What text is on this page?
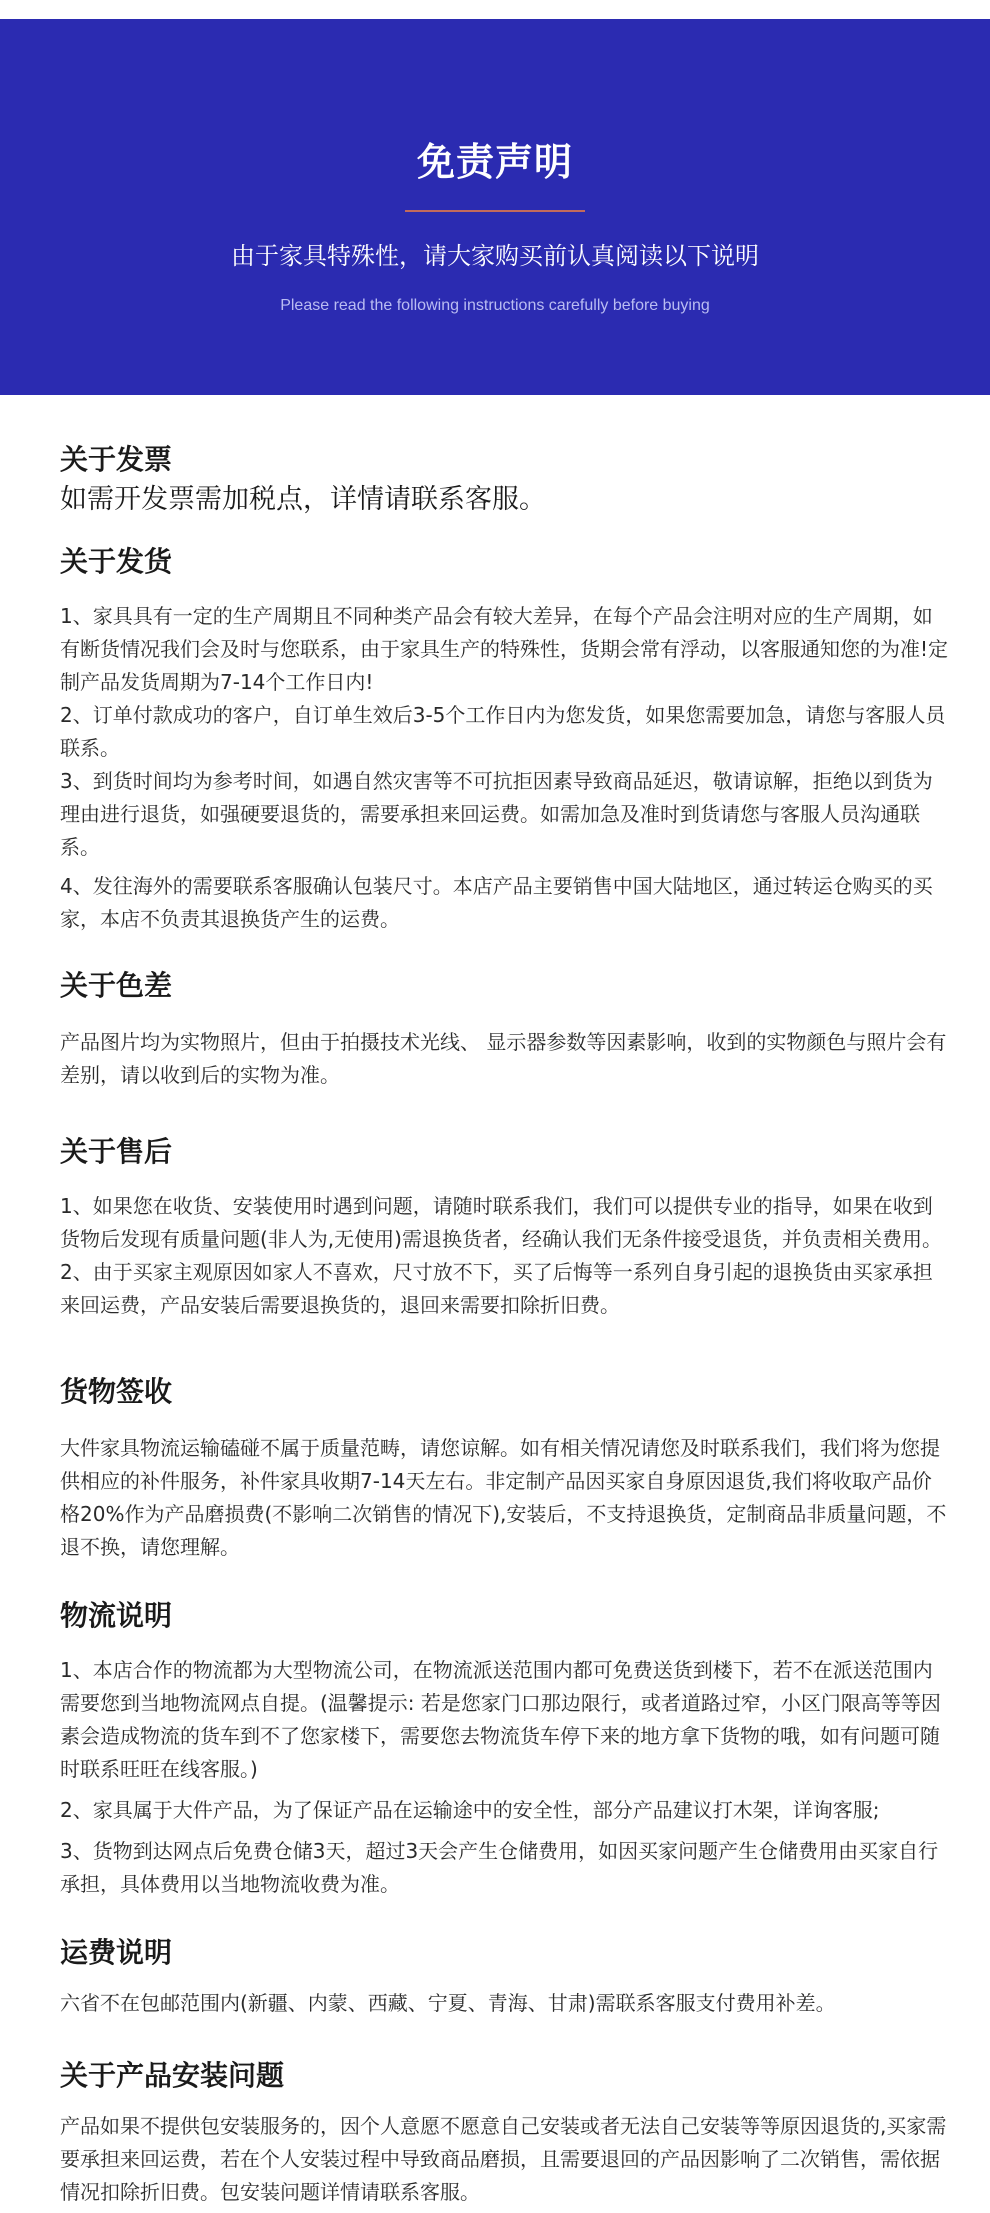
免责声明
由于家具特殊性，请大家购买前认真阅读以下说明
Please read the following instructions carefully before buying
关于发票

如需开发票需加税点，详情请联系客服。

关于发货

1、家具具有一定的生产周期且不同种类产品会有较大差异，在每个产品会注明对应的生产周期，如有断货情况我们会及时与您联系，由于家具生产的特殊性，货期会常有浮动，以客服通知您的为准!定制产品发货周期为7-14个工作日内!

2、订单付款成功的客户，自订单生效后3-5个工作日内为您发货，如果您需要加急，请您与客服人员联系。

3、到货时间均为参考时间，如遇自然灾害等不可抗拒因素导致商品延迟，敬请谅解，拒绝以到货为理由进行退货，如强硬要退货的，需要承担来回运费。如需加急及准时到货请您与客服人员沟通联系。

4、发往海外的需要联系客服确认包装尺寸。本店产品主要销售中国大陆地区，通过转运仓购买的买家，本店不负责其退换货产生的运费。

关于色差

产品图片均为实物照片，但由于拍摄技术光线、 显示器参数等因素影响，收到的实物颜色与照片会有差别，请以收到后的实物为准。

关于售后

1、如果您在收货、安装使用时遇到问题，请随时联系我们，我们可以提供专业的指导，如果在收到货物后发现有质量问题(非人为,无使用)需退换货者，经确认我们无条件接受退货，并负责相关费用。

2、由于买家主观原因如家人不喜欢，尺寸放不下，买了后悔等一系列自身引起的退换货由买家承担来回运费，产品安装后需要退换货的，退回来需要扣除折旧费。

货物签收

大件家具物流运输磕碰不属于质量范畴，请您谅解。如有相关情况请您及时联系我们，我们将为您提供相应的补件服务，补件家具收期7-14天左右。非定制产品因买家自身原因退货,我们将收取产品价格20%作为产品磨损费(不影响二次销售的情况下),安装后，不支持退换货，定制商品非质量问题，不退不换，请您理解。

物流说明

1、本店合作的物流都为大型物流公司，在物流派送范围内都可免费送货到楼下，若不在派送范围内需要您到当地物流网点自提。(温馨提示: 若是您家门口那边限行，或者道路过窄，小区门限高等等因素会造成物流的货车到不了您家楼下，需要您去物流货车停下来的地方拿下货物的哦，如有问题可随时联系旺旺在线客服。)

2、家具属于大件产品，为了保证产品在运输途中的安全性，部分产品建议打木架，详询客服;

3、货物到达网点后免费仓储3天，超过3天会产生仓储费用，如因买家问题产生仓储费用由买家自行承担，具体费用以当地物流收费为准。

运费说明

六省不在包邮范围内(新疆、内蒙、西藏、宁夏、青海、甘肃)需联系客服支付费用补差。

关于产品安装问题

产品如果不提供包安装服务的，因个人意愿不愿意自己安装或者无法自己安装等等原因退货的,买家需要承担来回运费，若在个人安装过程中导致商品磨损，且需要退回的产品因影响了二次销售，需依据情况扣除折旧费。包安装问题详情请联系客服。
